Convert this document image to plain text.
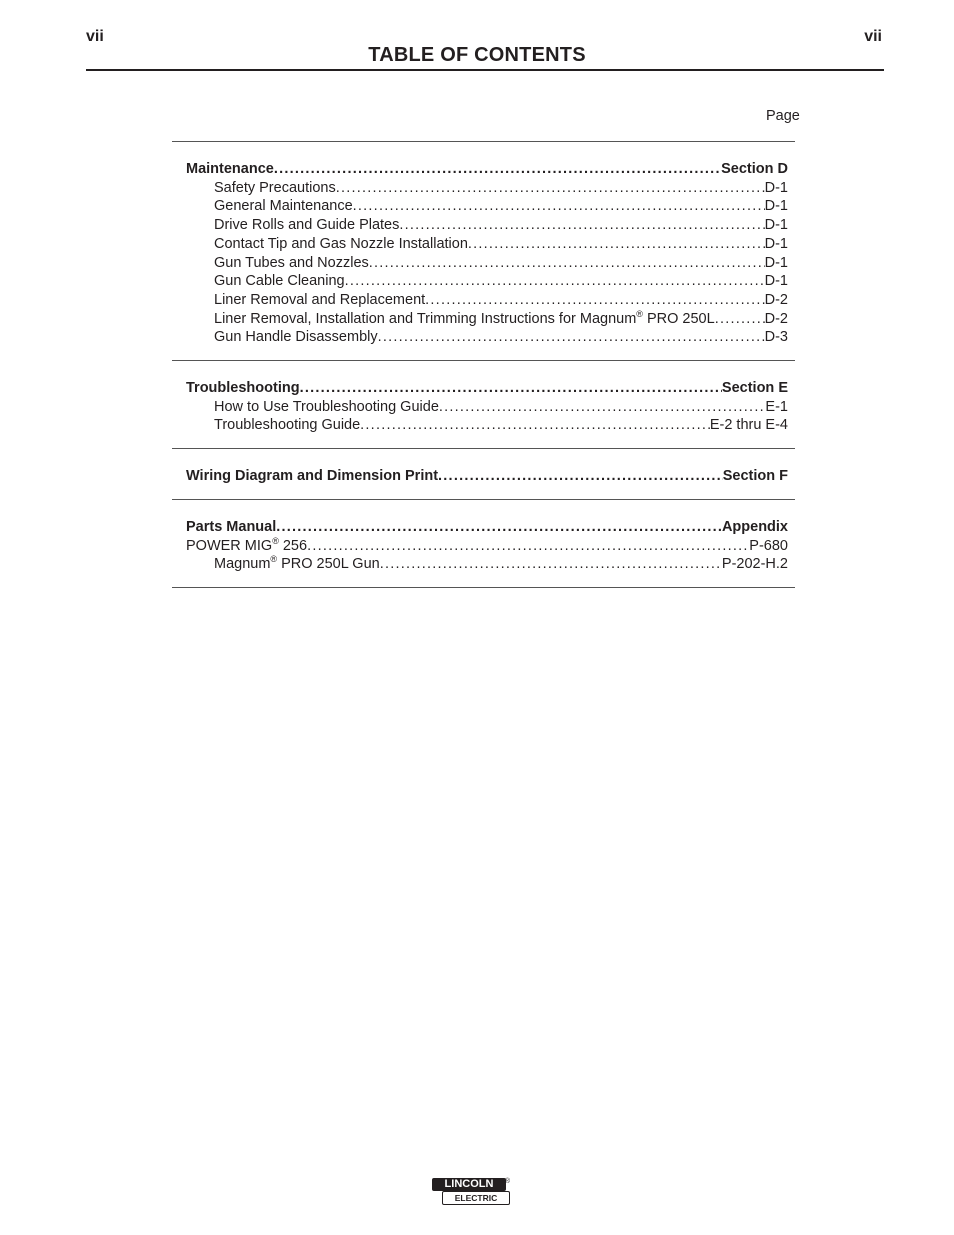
vii	vii
TABLE OF CONTENTS
Page
Maintenance . . .	Section D
Safety Precautions . . .	D-1
General Maintenance . . .	D-1
Drive Rolls and Guide Plates . . .	D-1
Contact Tip and Gas Nozzle Installation . . .	D-1
Gun Tubes and Nozzles . . .	D-1
Gun Cable Cleaning . . .	D-1
Liner Removal and Replacement . . .	D-2
Liner Removal, Installation and Trimming Instructions for Magnum® PRO 250L . . .	D-2
Gun Handle Disassembly . . .	D-3
Troubleshooting . . .	Section E
How to Use Troubleshooting Guide . . .	E-1
Troubleshooting Guide . . .	E-2 thru E-4
Wiring Diagram and Dimension Print . . .	Section F
Parts Manual . . .	Appendix
POWER MIG® 256 . . .	P-680
Magnum® PRO 250L Gun . . .	P-202-H.2
LINCOLN
ELECTRIC
®
